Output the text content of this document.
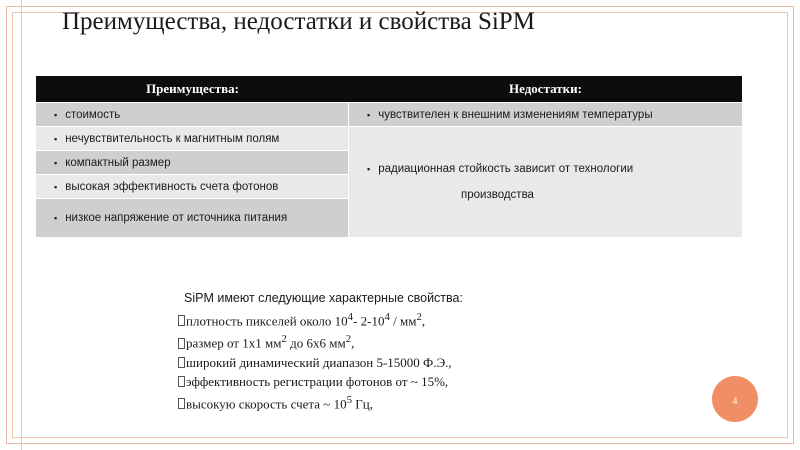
Преимущества, недостатки и свойства SiPM
Преимущества:	Недостатки:
▪ стоимость	▪ чувствителен к внешним изменениям температуры
▪ нечувствительность к магнитным полям	▪ радиационная стойкость зависит от технологии
производства

▪ компактный размер	
▪ высокая эффективность счета фотонов	
▪ низкое напряжение от источника питания	
SiPM имеют следующие характерные свойства:
плотность пикселей около $10^4-$ $2-10^4 / мм^2$,
размер от 1x1 $мм^2$ до 6x6 $мм^2$,
широкий динамический диапазон 5-15000 Ф.Э.,
эффективность регистрации фотонов от ~ 15%,
высокую скорость счета ~ $10^5$ Гц,	4
